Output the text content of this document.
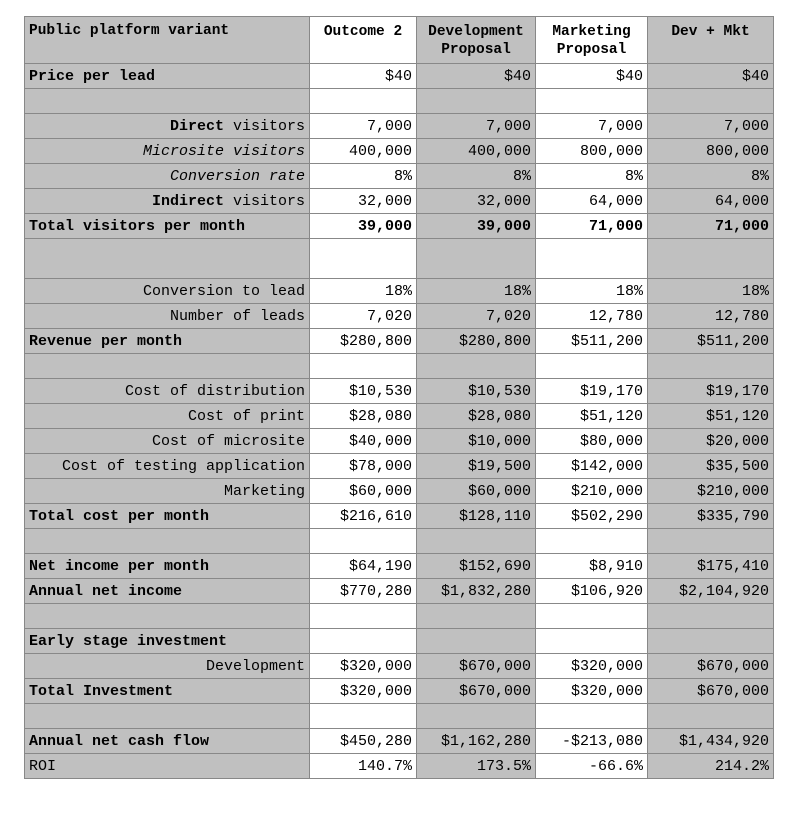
Public platform variant	Outcome 2	Development Proposal	Marketing Proposal	Dev + Mkt
Price per lead	$40	$40	$40	$40

Direct visitors	7,000	7,000	7,000	7,000
Microsite visitors	400,000	400,000	800,000	800,000
Conversion rate	8%	8%	8%	8%
Indirect visitors	32,000	32,000	64,000	64,000
Total visitors per month	39,000	39,000	71,000	71,000

Conversion to lead	18%	18%	18%	18%
Number of leads	7,020	7,020	12,780	12,780
Revenue per month	$280,800	$280,800	$511,200	$511,200

Cost of distribution	$10,530	$10,530	$19,170	$19,170
Cost of print	$28,080	$28,080	$51,120	$51,120
Cost of microsite	$40,000	$10,000	$80,000	$20,000
Cost of testing application	$78,000	$19,500	$142,000	$35,500
Marketing	$60,000	$60,000	$210,000	$210,000
Total cost per month	$216,610	$128,110	$502,290	$335,790

Net income per month	$64,190	$152,690	$8,910	$175,410
Annual net income	$770,280	$1,832,280	$106,920	$2,104,920

Early stage investment				
Development	$320,000	$670,000	$320,000	$670,000
Total Investment	$320,000	$670,000	$320,000	$670,000

Annual net cash flow	$450,280	$1,162,280	-$213,080	$1,434,920
ROI	140.7%	173.5%	-66.6%	214.2%
